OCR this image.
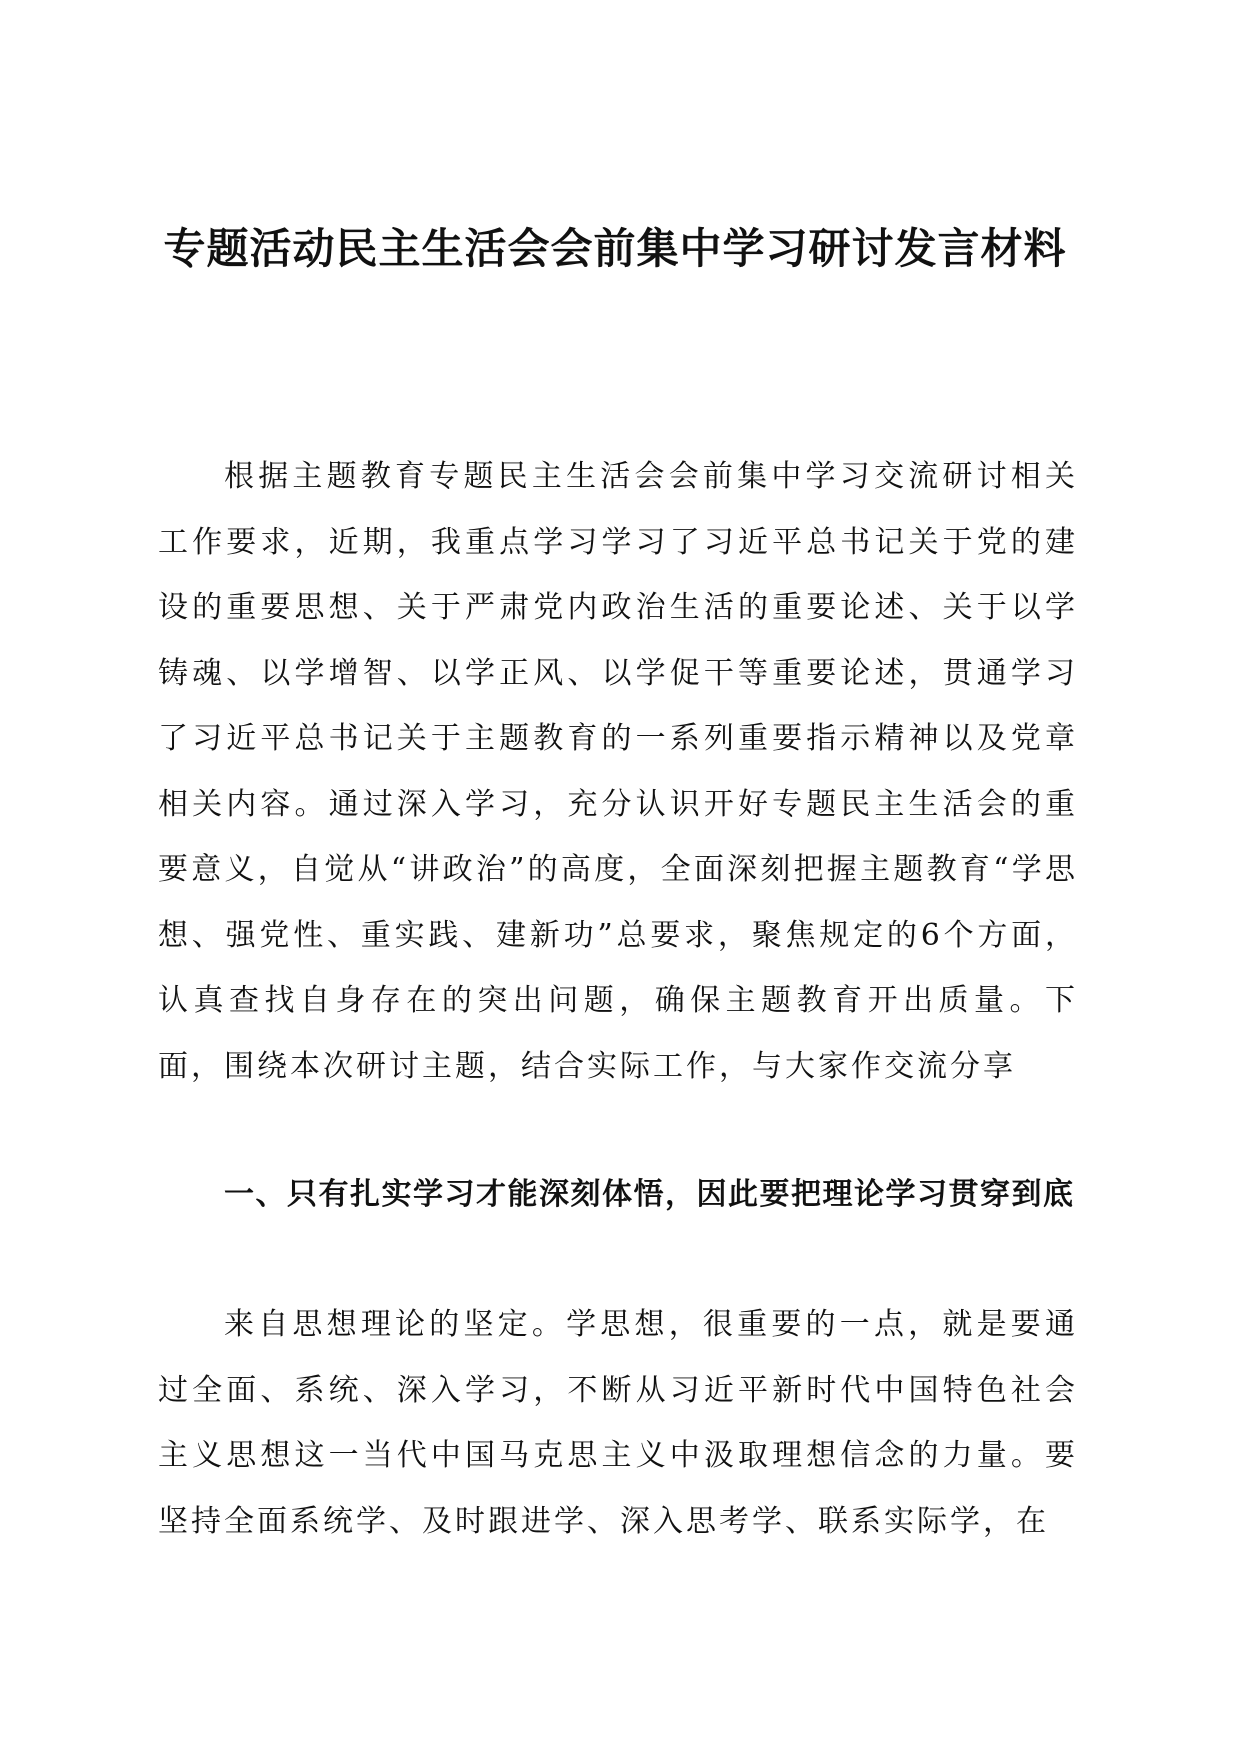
专题活动民主生活会会前集中学习研讨发言材料

根据主题教育专题民主生活会会前集中学习交流研讨相关工作要求，近期，我重点学习学习了习近平总书记关于党的建设的重要思想、关于严肃党内政治生活的重要论述、关于以学铸魂、以学增智、以学正风、以学促干等重要论述，贯通学习了习近平总书记关于主题教育的一系列重要指示精神以及党章相关内容。通过深入学习，充分认识开好专题民主生活会的重要意义，自觉从“讲政治”的高度，全面深刻把握主题教育“学思想、强党性、重实践、建新功”总要求，聚焦规定的6个方面，认真查找自身存在的突出问题，确保主题教育开出质量。下面，围绕本次研讨主题，结合实际工作，与大家作交流分享

一、只有扎实学习才能深刻体悟，因此要把理论学习贯穿到底

来自思想理论的坚定。学思想，很重要的一点，就是要通过全面、系统、深入学习，不断从习近平新时代中国特色社会主义思想这一当代中国马克思主义中汲取理想信念的力量。要坚持全面系统学、及时跟进学、深入思考学、联系实际学，在
